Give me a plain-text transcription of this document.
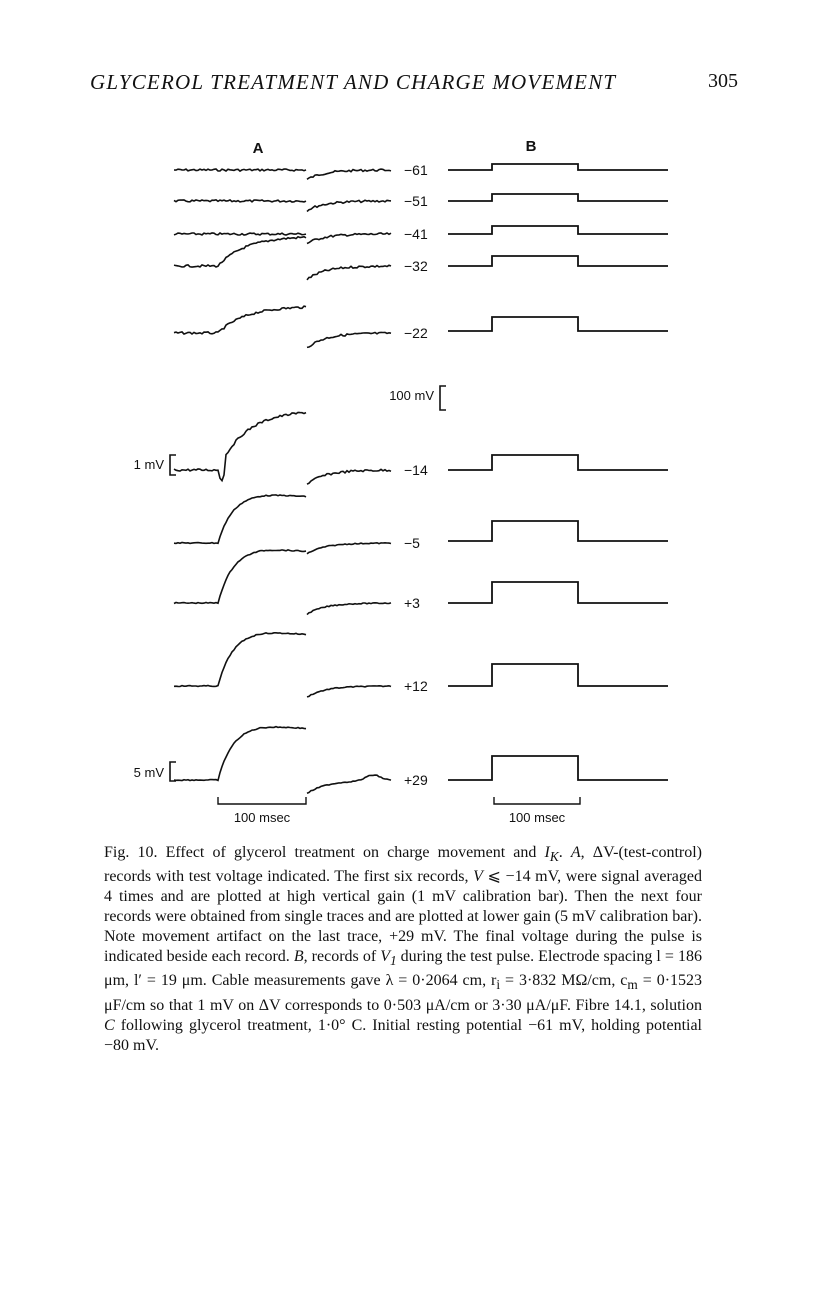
GLYCEROL TREATMENT AND CHARGE MOVEMENT	305
A	B
−61
−51
−41
−32
−22
−14
−5
+3
+12
+29
1 mV
5 mV
100 mV
100 msec	100 msec
Fig. 10. Effect of glycerol treatment on charge movement and $I_K$. A, ΔV-(test-control) records with test voltage indicated. The first six records, V ⩽ −14 mV, were signal averaged 4 times and are plotted at high vertical gain (1 mV calibration bar). Then the next four records were obtained from single traces and are plotted at lower gain (5 mV calibration bar). Note movement artifact on the last trace, +29 mV. The final voltage during the pulse is indicated beside each record. B, records of $V_1$ during the test pulse. Electrode spacing l = 186 μm, l′ = 19 μm. Cable measurements gave λ = 0·2064 cm, $r_i = 3\cdot 832$ MΩ/cm, $c_m = 0\cdot 1523$ μF/cm so that 1 mV on ΔV corresponds to 0·503 μA/cm or 3·30 μA/μF. Fibre 14.1, solution C following glycerol treatment, 1·0° C. Initial resting potential −61 mV, holding potential −80 mV.
